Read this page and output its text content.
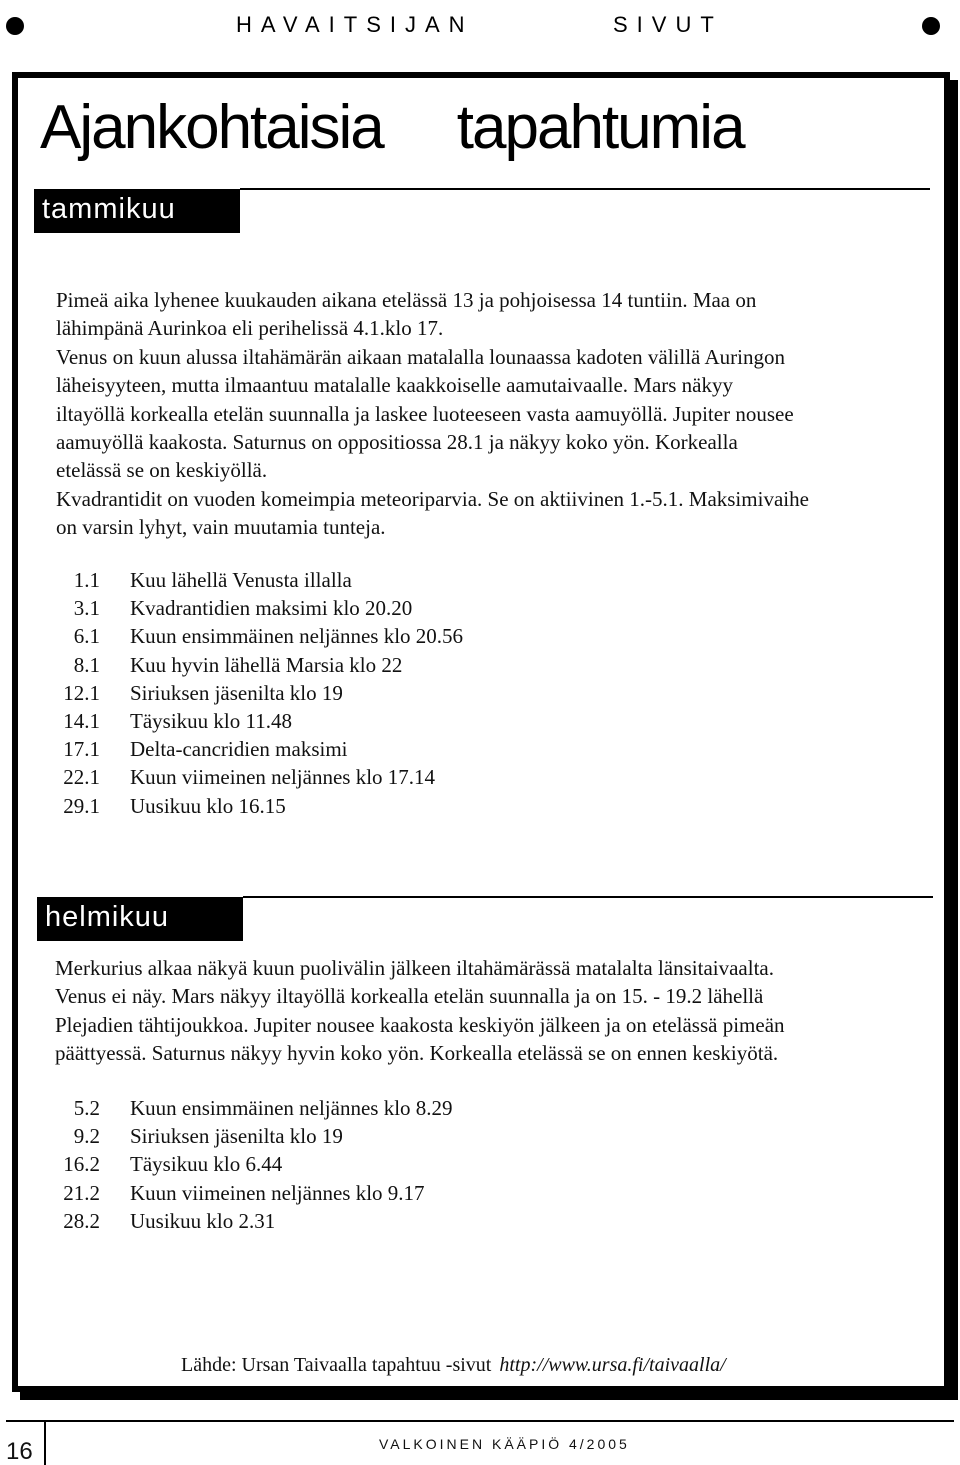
HAVAITSIJAN	SIVUT
Ajankohtaisia tapahtumia
tammikuu
Pimeä aika lyhenee kuukauden aikana etelässä 13 ja pohjoisessa 14 tuntiin. Maa on
lähimpänä Aurinkoa eli perihelissä 4.1.klo 17.
Venus on kuun alussa iltahämärän aikaan matalalla lounaassa kadoten välillä Auringon
läheisyyteen, mutta ilmaantuu matalalle kaakkoiselle aamutaivaalle. Mars näkyy
iltayöllä korkealla etelän suunnalla ja laskee luoteeseen vasta aamuyöllä. Jupiter nousee
aamuyöllä kaakosta. Saturnus on oppositiossa 28.1 ja näkyy koko yön. Korkealla
etelässä se on keskiyöllä.
Kvadrantidit on vuoden komeimpia meteoriparvia. Se on aktiivinen 1.-5.1. Maksimivaihe
on varsin lyhyt, vain muutamia tunteja.
1.1 Kuu lähellä Venusta illalla
3.1 Kvadrantidien maksimi klo 20.20
6.1 Kuun ensimmäinen neljännes klo 20.56
8.1 Kuu hyvin lähellä Marsia klo 22
12.1 Siriuksen jäsenilta klo 19
14.1 Täysikuu klo 11.48
17.1 Delta-cancridien maksimi
22.1 Kuun viimeinen neljännes klo 17.14
29.1 Uusikuu klo 16.15
helmikuu
Merkurius alkaa näkyä kuun puolivälin jälkeen iltahämärässä matalalta länsitaivaalta.
Venus ei näy. Mars näkyy iltayöllä korkealla etelän suunnalla ja on 15. - 19.2 lähellä
Plejadien tähtijoukkoa. Jupiter nousee kaakosta keskiyön jälkeen ja on etelässä pimeän
päättyessä. Saturnus näkyy hyvin koko yön. Korkealla etelässä se on ennen keskiyötä.
5.2 Kuun ensimmäinen neljännes klo 8.29
9.2 Siriuksen jäsenilta klo 19
16.2 Täysikuu klo 6.44
21.2 Kuun viimeinen neljännes klo 9.17
28.2 Uusikuu klo 2.31
Lähde: Ursan Taivaalla tapahtuu -sivut http://www.ursa.fi/taivaalla/
16	VALKOINEN KÄÄPIÖ 4/2005
